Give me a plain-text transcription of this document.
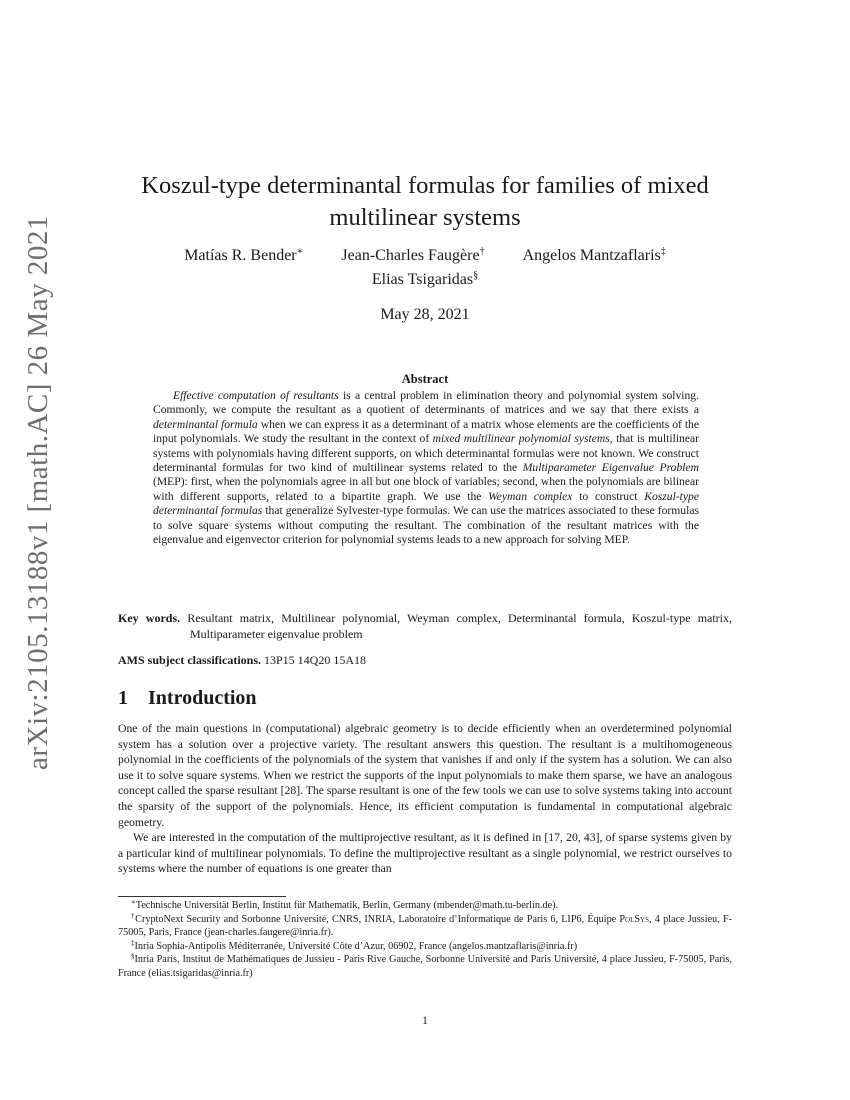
arXiv:2105.13188v1 [math.AC] 26 May 2021
Koszul-type determinantal formulas for families of mixed multilinear systems
Matías R. Bender∗ Jean-Charles Faugère† Angelos Mantzaflaris‡
Elias Tsigaridas§
May 28, 2021
Abstract
Effective computation of resultants is a central problem in elimination theory and polynomial system solving. Commonly, we compute the resultant as a quotient of determinants of matrices and we say that there exists a determinantal formula when we can express it as a determinant of a matrix whose elements are the coefficients of the input polynomials. We study the resultant in the context of mixed multilinear polynomial systems, that is multilinear systems with polynomials having different supports, on which determinantal formulas were not known. We construct determinantal formulas for two kind of multilinear systems related to the Multiparameter Eigenvalue Problem (MEP): first, when the polynomials agree in all but one block of variables; second, when the polynomials are bilinear with different supports, related to a bipartite graph. We use the Weyman complex to construct Koszul-type determinantal formulas that generalize Sylvester-type formulas. We can use the matrices associated to these formulas to solve square systems without computing the resultant. The combination of the resultant matrices with the eigenvalue and eigenvector criterion for polynomial systems leads to a new approach for solving MEP.
Key words. Resultant matrix, Multilinear polynomial, Weyman complex, Determinantal formula, Koszul-type matrix, Multiparameter eigenvalue problem
AMS subject classifications. 13P15 14Q20 15A18
1 Introduction

One of the main questions in (computational) algebraic geometry is to decide efficiently when an overdetermined polynomial system has a solution over a projective variety. The resultant answers this question. The resultant is a multihomogeneous polynomial in the coefficients of the polynomials of the system that vanishes if and only if the system has a solution. We can also use it to solve square systems. When we restrict the supports of the input polynomials to make them sparse, we have an analogous concept called the sparse resultant [28]. The sparse resultant is one of the few tools we can use to solve systems taking into account the sparsity of the support of the polynomials. Hence, its efficient computation is fundamental in computational algebraic geometry.

We are interested in the computation of the multiprojective resultant, as it is defined in [17, 20, 43], of sparse systems given by a particular kind of multilinear polynomials. To define the multiprojective resultant as a single polynomial, we restrict ourselves to systems where the number of equations is one greater than

∗Technische Universität Berlin, Institut für Mathematik, Berlin, Germany (mbender@math.tu-berlin.de).

†CryptoNext Security and Sorbonne Université, CNRS, INRIA, Laboratoire d’Informatique de Paris 6, LIP6, Équipe PolSys, 4 place Jussieu, F-75005, Paris, France (jean-charles.faugere@inria.fr).

‡Inria Sophia-Antipolis Méditerranée, Université Côte d’Azur, 06902, France (angelos.mantzaflaris@inria.fr)

§Inria Paris, Institut de Mathématiques de Jussieu - Paris Rive Gauche, Sorbonne Université and Paris Université, 4 place Jussieu, F-75005, Paris, France (elias.tsigaridas@inria.fr)

1
